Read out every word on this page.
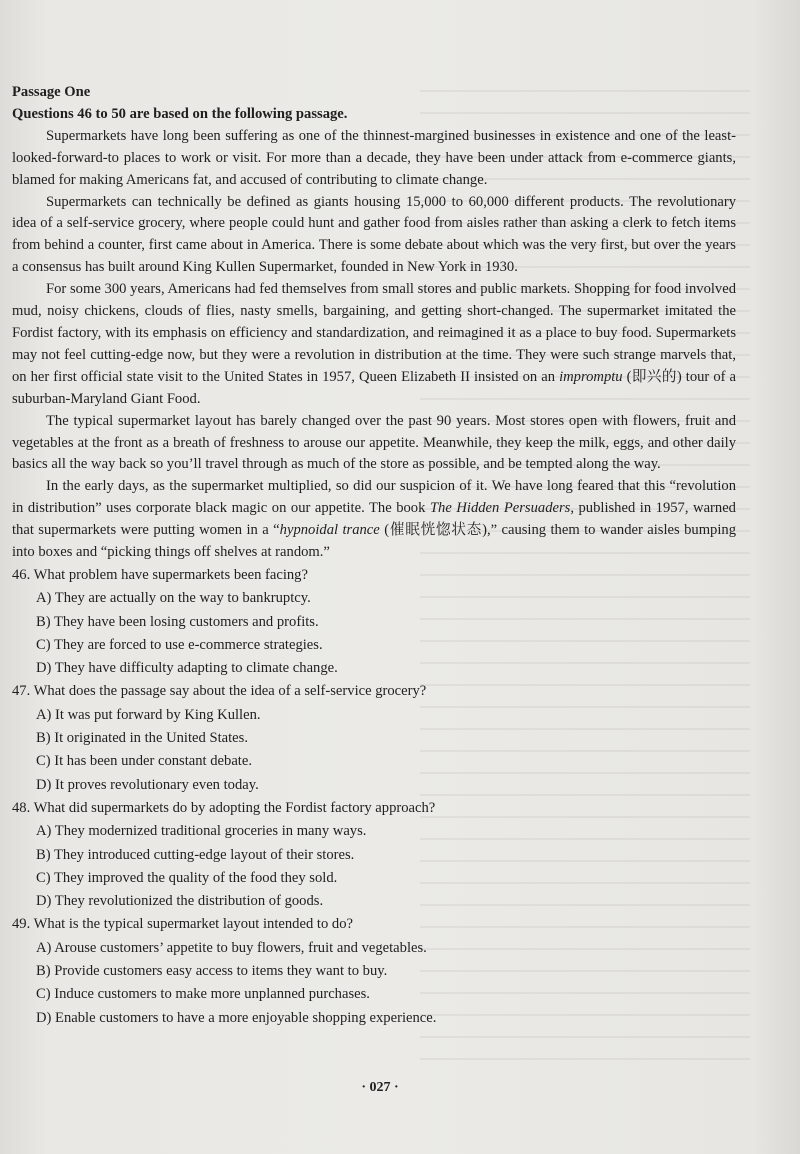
Passage One

Questions 46 to 50 are based on the following passage.

Supermarkets have long been suffering as one of the thinnest-margined businesses in existence and one of the least-looked-forward-to places to work or visit. For more than a decade, they have been under attack from e-commerce giants, blamed for making Americans fat, and accused of contributing to climate change.

Supermarkets can technically be defined as giants housing 15,000 to 60,000 different products. The revolutionary idea of a self-service grocery, where people could hunt and gather food from aisles rather than asking a clerk to fetch items from behind a counter, first came about in America. There is some debate about which was the very first, but over the years a consensus has built around King Kullen Supermarket, founded in New York in 1930.

For some 300 years, Americans had fed themselves from small stores and public markets. Shopping for food involved mud, noisy chickens, clouds of flies, nasty smells, bargaining, and getting short-changed. The supermarket imitated the Fordist factory, with its emphasis on efficiency and standardization, and reimagined it as a place to buy food. Supermarkets may not feel cutting-edge now, but they were a revolution in distribution at the time. They were such strange marvels that, on her first official state visit to the United States in 1957, Queen Elizabeth II insisted on an impromptu (即兴的) tour of a suburban-Maryland Giant Food.

The typical supermarket layout has barely changed over the past 90 years. Most stores open with flowers, fruit and vegetables at the front as a breath of freshness to arouse our appetite. Meanwhile, they keep the milk, eggs, and other daily basics all the way back so you’ll travel through as much of the store as possible, and be tempted along the way.

In the early days, as the supermarket multiplied, so did our suspicion of it. We have long feared that this “revolution in distribution” uses corporate black magic on our appetite. The book The Hidden Persuaders, published in 1957, warned that supermarkets were putting women in a “hypnoidal trance (催眠恍惚状态),” causing them to wander aisles bumping into boxes and “picking things off shelves at random.”

46. What problem have supermarkets been facing?

A) They are actually on the way to bankruptcy.

B) They have been losing customers and profits.

C) They are forced to use e-commerce strategies.

D) They have difficulty adapting to climate change.

47. What does the passage say about the idea of a self-service grocery?

A) It was put forward by King Kullen.

B) It originated in the United States.

C) It has been under constant debate.

D) It proves revolutionary even today.

48. What did supermarkets do by adopting the Fordist factory approach?

A) They modernized traditional groceries in many ways.

B) They introduced cutting-edge layout of their stores.

C) They improved the quality of the food they sold.

D) They revolutionized the distribution of goods.

49. What is the typical supermarket layout intended to do?

A) Arouse customers’ appetite to buy flowers, fruit and vegetables.

B) Provide customers easy access to items they want to buy.

C) Induce customers to make more unplanned purchases.

D) Enable customers to have a more enjoyable shopping experience.

· 027 ·
